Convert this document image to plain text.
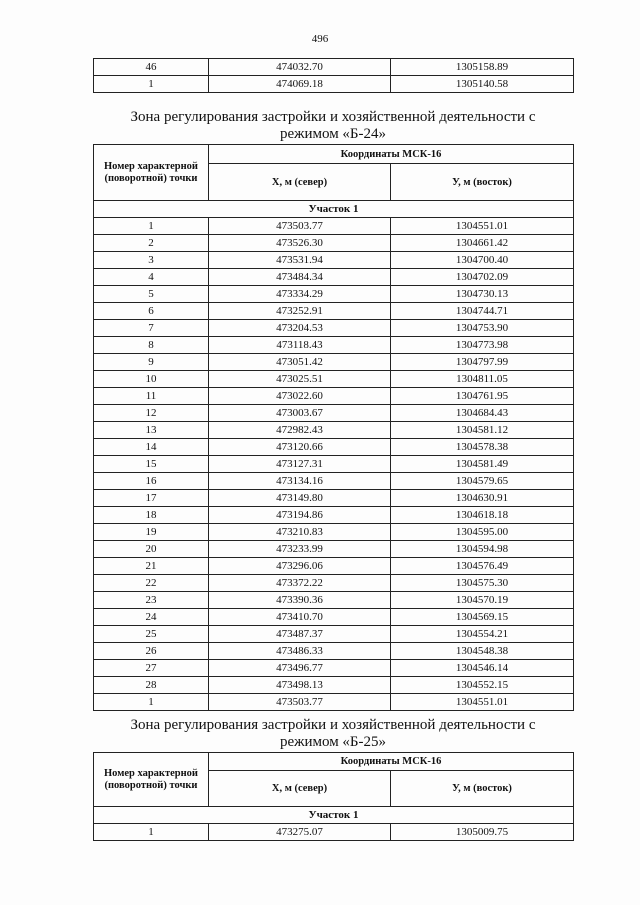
496
46	474032.70	1305158.89
1	474069.18	1305140.58
Зона регулирования застройки и хозяйственной деятельности с
режимом «Б-24»
Номер характерной (поворотной) точки	Координаты МСК-16	
	Х, м (север)	У, м (восток)
Участок 1		
1	473503.77	1304551.01
2	473526.30	1304661.42
3	473531.94	1304700.40
4	473484.34	1304702.09
5	473334.29	1304730.13
6	473252.91	1304744.71
7	473204.53	1304753.90
8	473118.43	1304773.98
9	473051.42	1304797.99
10	473025.51	1304811.05
11	473022.60	1304761.95
12	473003.67	1304684.43
13	472982.43	1304581.12
14	473120.66	1304578.38
15	473127.31	1304581.49
16	473134.16	1304579.65
17	473149.80	1304630.91
18	473194.86	1304618.18
19	473210.83	1304595.00
20	473233.99	1304594.98
21	473296.06	1304576.49
22	473372.22	1304575.30
23	473390.36	1304570.19
24	473410.70	1304569.15
25	473487.37	1304554.21
26	473486.33	1304548.38
27	473496.77	1304546.14
28	473498.13	1304552.15
1	473503.77	1304551.01
Зона регулирования застройки и хозяйственной деятельности с
режимом «Б-25»
Номер характерной (поворотной) точки	Координаты МСК-16	
	Х, м (север)	У, м (восток)
Участок 1		
1	473275.07	1305009.75
